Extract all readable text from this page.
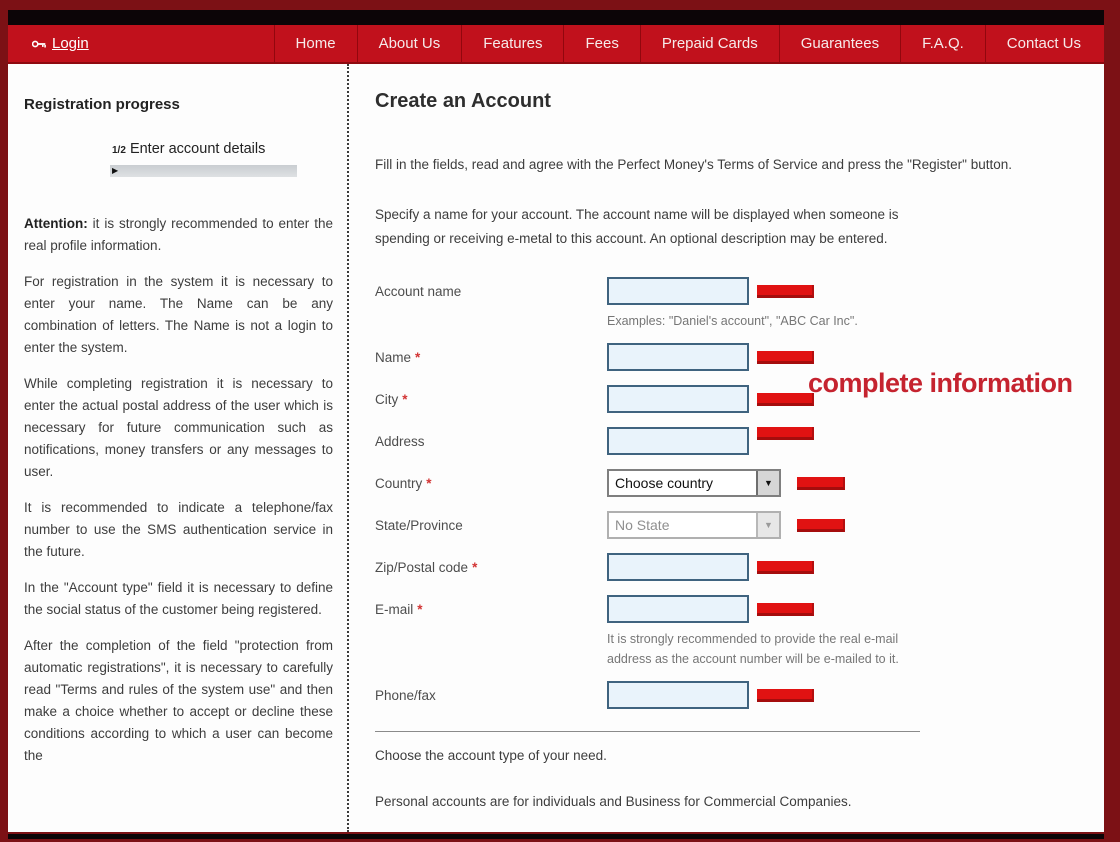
Login	Home	About Us	Features	Fees	Prepaid Cards	Guarantees	F.A.Q.	Contact Us
Registration progress
1/2 Enter account details
▶

Attention: it is strongly recommended to enter the real profile information.

For registration in the system it is necessary to enter your name. The Name can be any combination of letters. The Name is not a login to enter the system.

While completing registration it is necessary to enter the actual postal address of the user which is necessary for future communication such as notifications, money transfers or any messages to user.

It is recommended to indicate a telephone/fax number to use the SMS authentication service in the future.

In the "Account type" field it is necessary to define the social status of the customer being registered.

After the completion of the field "protection from automatic registrations", it is necessary to carefully read "Terms and rules of the system use" and then make a choice whether to accept or decline these conditions according to which a user can become the

Create an Account

Fill in the fields, read and agree with the Perfect Money's Terms of Service and press the "Register" button.

Specify a name for your account. The account name will be displayed when someone is spending or receiving e-metal to this account. An optional description may be entered.

Account name
Examples: "Daniel's account", "ABC Car Inc".
Name *
City *
Address
Country *	Choose country	▼
State/Province	No State	▼
Zip/Postal code *
E-mail *
It is strongly recommended to provide the real e-mail address as the account number will be e-mailed to it.
Phone/fax

Choose the account type of your need.

Personal accounts are for individuals and Business for Commercial Companies.

complete information
